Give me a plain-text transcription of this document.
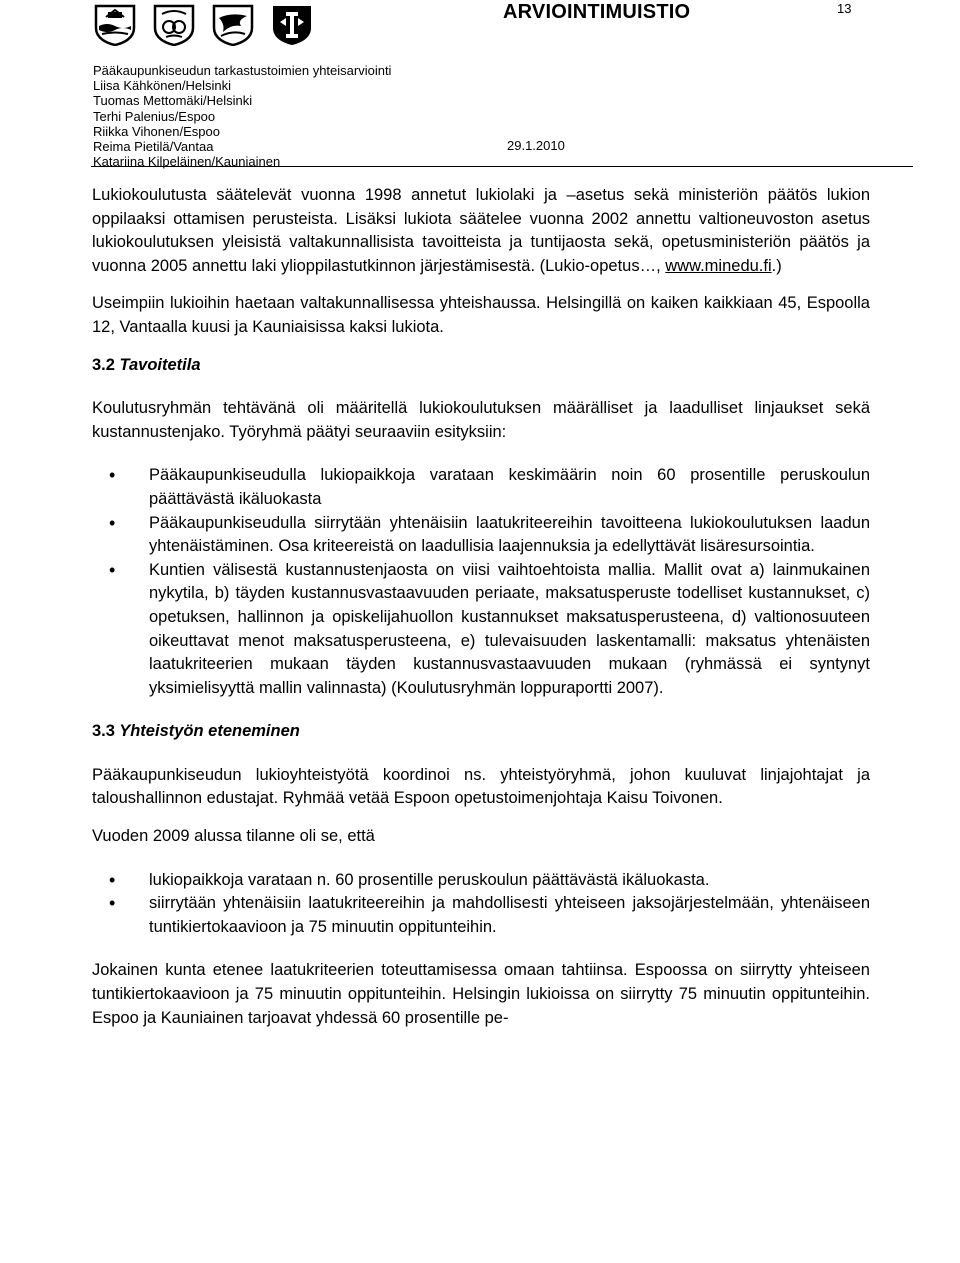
ARVIOINTIMUISTIO	13
Pääkaupunkiseudun tarkastustoimien yhteisarviointi
Liisa Kähkönen/Helsinki
Tuomas Mettomäki/Helsinki
Terhi Palenius/Espoo
Riikka Vihonen/Espoo
Reima Pietilä/Vantaa
Katariina Kilpeläinen/Kauniainen
29.1.2010

Lukiokoulutusta säätelevät vuonna 1998 annetut lukiolaki ja –asetus sekä ministeriön päätös lukion oppilaaksi ottamisen perusteista. Lisäksi lukiota säätelee vuonna 2002 annettu valtioneuvoston asetus lukiokoulutuksen yleisistä valtakunnallisista tavoitteista ja tuntijaosta sekä, opetusministeriön päätös ja vuonna 2005 annettu laki ylioppilastutkinnon järjestämisestä. (Lukio-opetus…, www.minedu.fi.)

Useimpiin lukioihin haetaan valtakunnallisessa yhteishaussa. Helsingillä on kaiken kaikkiaan 45, Espoolla 12, Vantaalla kuusi ja Kauniaisissa kaksi lukiota.

3.2 Tavoitetila

Koulutusryhmän tehtävänä oli määritellä lukiokoulutuksen määrälliset ja laadulliset linjaukset sekä kustannustenjako. Työryhmä päätyi seuraaviin esityksiin:

• Pääkaupunkiseudulla lukiopaikkoja varataan keskimäärin noin 60 prosentille peruskoulun päättävästä ikäluokasta
• Pääkaupunkiseudulla siirrytään yhtenäisiin laatukriteereihin tavoitteena lukiokoulutuksen laadun yhtenäistäminen. Osa kriteereistä on laadullisia laajennuksia ja edellyttävät lisäresursointia.
• Kuntien välisestä kustannustenjaosta on viisi vaihtoehtoista mallia. Mallit ovat a) lainmukainen nykytila, b) täyden kustannusvastaavuuden periaate, maksatusperuste todelliset kustannukset, c) opetuksen, hallinnon ja opiskelijahuollon kustannukset maksatusperusteena, d) valtionosuuteen oikeuttavat menot maksatusperusteena, e) tulevaisuuden laskentamalli: maksatus yhtenäisten laatukriteerien mukaan täyden kustannusvastaavuuden mukaan (ryhmässä ei syntynyt yksimielisyyttä mallin valinnasta) (Koulutusryhmän loppuraportti 2007).

3.3 Yhteistyön eteneminen

Pääkaupunkiseudun lukioyhteistyötä koordinoi ns. yhteistyöryhmä, johon kuuluvat linjajohtajat ja taloushallinnon edustajat. Ryhmää vetää Espoon opetustoimenjohtaja Kaisu Toivonen.

Vuoden 2009 alussa tilanne oli se, että

• lukiopaikkoja varataan n. 60 prosentille peruskoulun päättävästä ikäluokasta.
• siirrytään yhtenäisiin laatukriteereihin ja mahdollisesti yhteiseen jaksojärjestelmään, yhtenäiseen tuntikiertokaavioon ja 75 minuutin oppitunteihin.

Jokainen kunta etenee laatukriteerien toteuttamisessa omaan tahtiinsa. Espoossa on siirrytty yhteiseen tuntikiertokaavioon ja 75 minuutin oppitunteihin. Helsingin lukioissa on siirrytty 75 minuutin oppitunteihin. Espoo ja Kauniainen tarjoavat yhdessä 60 prosentille pe-
